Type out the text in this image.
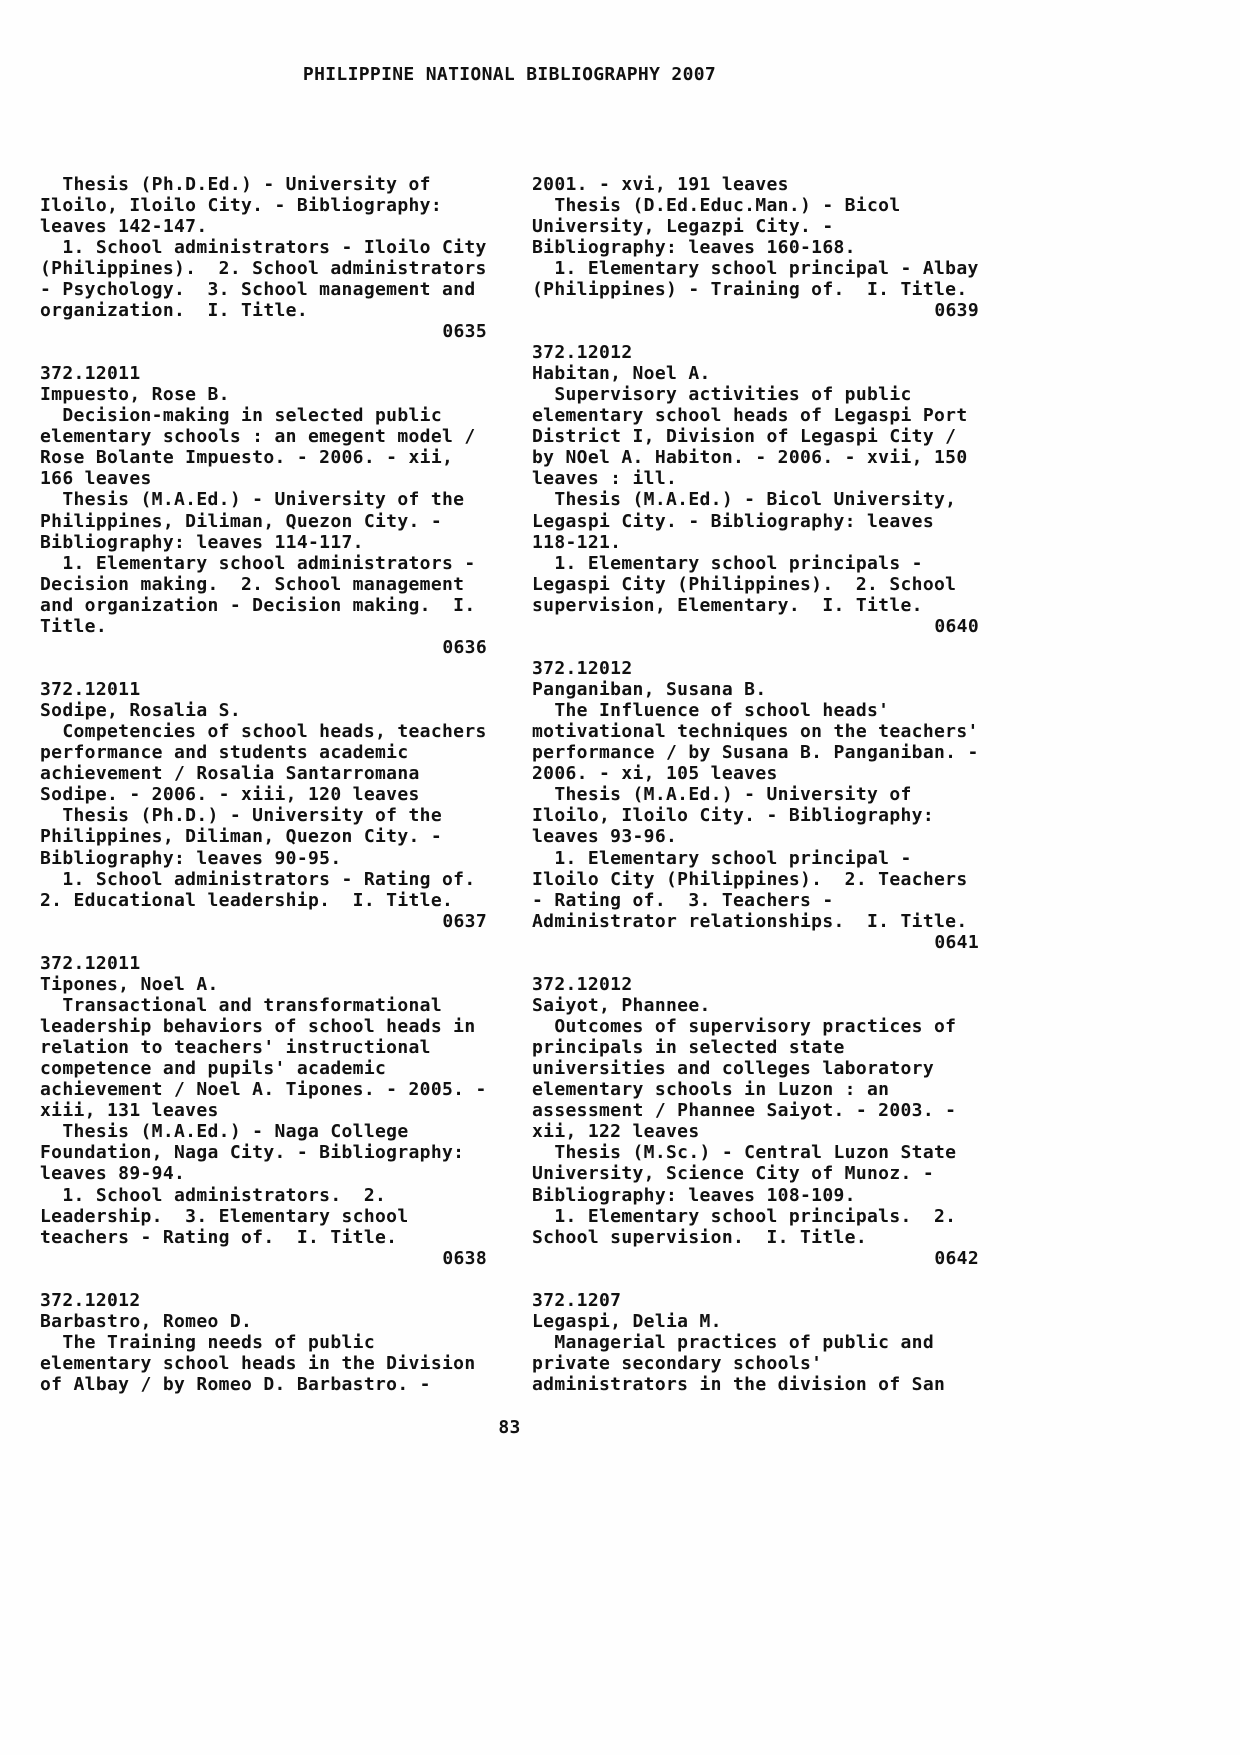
PHILIPPINE NATIONAL BIBLIOGRAPHY 2007
Thesis (Ph.D.Ed.) - University of
Iloilo, Iloilo City. - Bibliography:
leaves 142-147.
1. School administrators - Iloilo City
(Philippines).  2. School administrators
- Psychology.  3. School management and
organization.  I. Title.
0635
372.12011
Impuesto, Rose B.
Decision-making in selected public
elementary schools : an emegent model /
Rose Bolante Impuesto. - 2006. - xii,
166 leaves
Thesis (M.A.Ed.) - University of the
Philippines, Diliman, Quezon City. -
Bibliography: leaves 114-117.
1. Elementary school administrators -
Decision making.  2. School management
and organization - Decision making.  I.
Title.
0636
372.12011
Sodipe, Rosalia S.
Competencies of school heads, teachers
performance and students academic
achievement / Rosalia Santarromana
Sodipe. - 2006. - xiii, 120 leaves
Thesis (Ph.D.) - University of the
Philippines, Diliman, Quezon City. -
Bibliography: leaves 90-95.
1. School administrators - Rating of.
2. Educational leadership.  I. Title.
0637
372.12011
Tipones, Noel A.
Transactional and transformational
leadership behaviors of school heads in
relation to teachers' instructional
competence and pupils' academic
achievement / Noel A. Tipones. - 2005. -
xiii, 131 leaves
Thesis (M.A.Ed.) - Naga College
Foundation, Naga City. - Bibliography:
leaves 89-94.
1. School administrators.  2.
Leadership.  3. Elementary school
teachers - Rating of.  I. Title.
0638
372.12012
Barbastro, Romeo D.
The Training needs of public
elementary school heads in the Division
of Albay / by Romeo D. Barbastro. -
2001. - xvi, 191 leaves
Thesis (D.Ed.Educ.Man.) - Bicol
University, Legazpi City. -
Bibliography: leaves 160-168.
1. Elementary school principal - Albay
(Philippines) - Training of.  I. Title.
0639
372.12012
Habitan, Noel A.
Supervisory activities of public
elementary school heads of Legaspi Port
District I, Division of Legaspi City /
by NOel A. Habiton. - 2006. - xvii, 150
leaves : ill.
Thesis (M.A.Ed.) - Bicol University,
Legaspi City. - Bibliography: leaves
118-121.
1. Elementary school principals -
Legaspi City (Philippines).  2. School
supervision, Elementary.  I. Title.
0640
372.12012
Panganiban, Susana B.
The Influence of school heads'
motivational techniques on the teachers'
performance / by Susana B. Panganiban. -
2006. - xi, 105 leaves
Thesis (M.A.Ed.) - University of
Iloilo, Iloilo City. - Bibliography:
leaves 93-96.
1. Elementary school principal -
Iloilo City (Philippines).  2. Teachers
- Rating of.  3. Teachers -
Administrator relationships.  I. Title.
0641
372.12012
Saiyot, Phannee.
Outcomes of supervisory practices of
principals in selected state
universities and colleges laboratory
elementary schools in Luzon : an
assessment / Phannee Saiyot. - 2003. -
xii, 122 leaves
Thesis (M.Sc.) - Central Luzon State
University, Science City of Munoz. -
Bibliography: leaves 108-109.
1. Elementary school principals.  2.
School supervision.  I. Title.
0642
372.1207
Legaspi, Delia M.
Managerial practices of public and
private secondary schools'
administrators in the division of San
83
